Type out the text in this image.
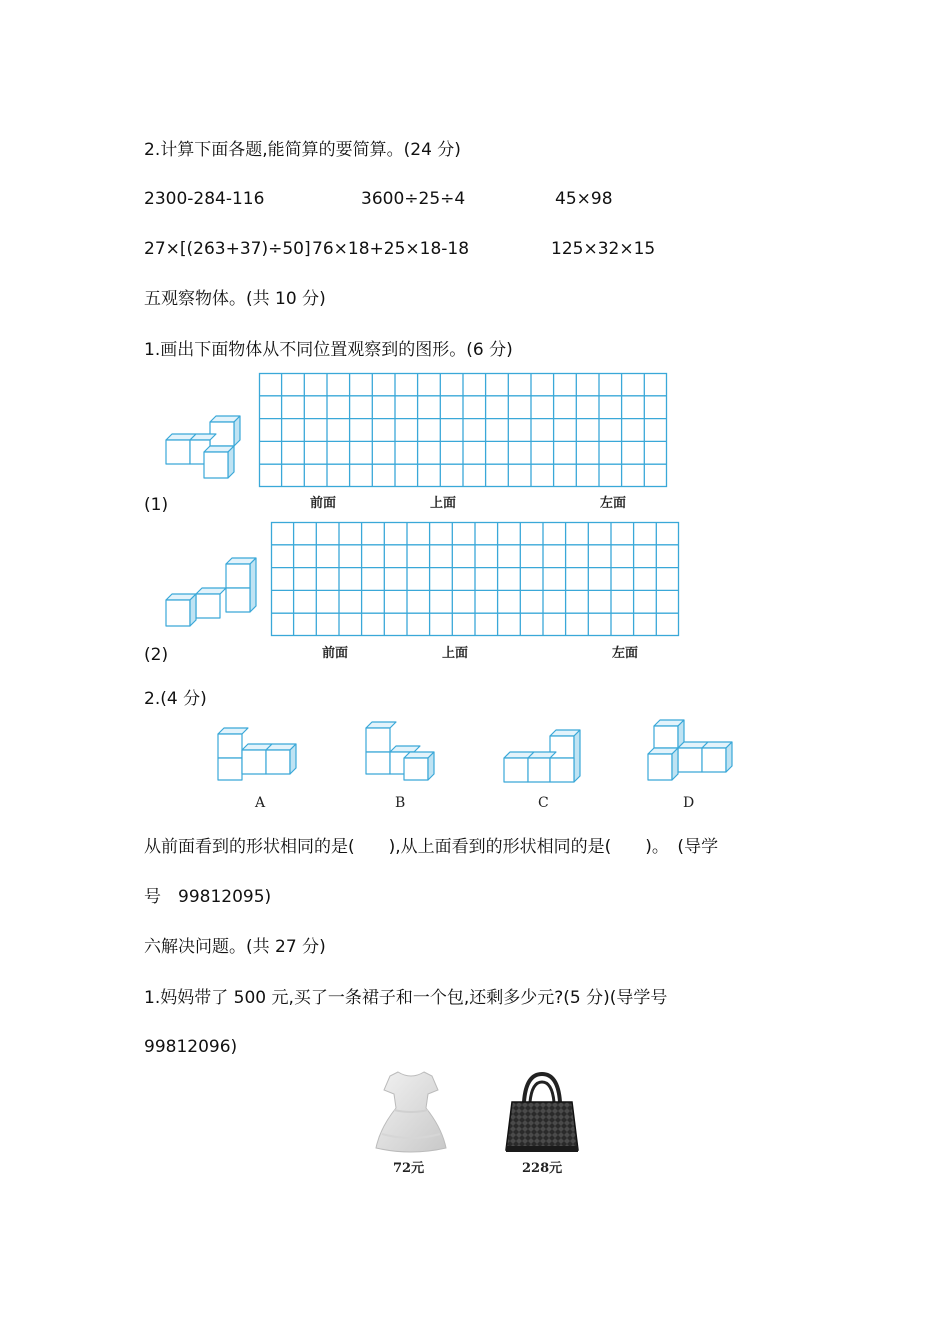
2.计算下面各题,能简算的要简算。(24 分)
2300-284-116	3600÷25÷4	45×98
27×[(263+37)÷50] 76×18+25×18-18	125×32×15
五观察物体。(共 10 分)
1.画出下面物体从不同位置观察到的图形。(6 分)
前面	上面	左面
(1)
前面	上面	左面
(2)
2.(4 分)
A	B	C	D
从前面看到的形状相同的是(　　),从上面看到的形状相同的是(　　)。　(导学
号　99812095)
六解决问题。(共 27 分)
1.妈妈带了 500 元,买了一条裙子和一个包,还剩多少元?(5 分)(导学号
99812096)
72元	228元
